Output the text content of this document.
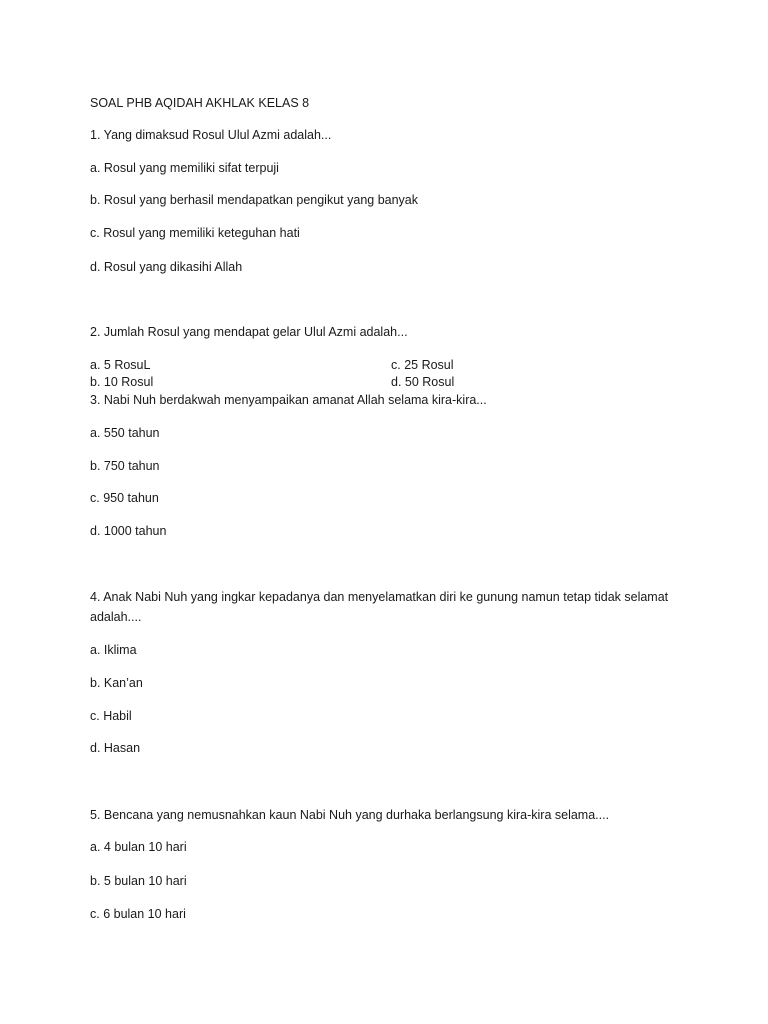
SOAL PHB AQIDAH AKHLAK KELAS 8
1. Yang dimaksud Rosul Ulul Azmi adalah...
a. Rosul yang memiliki sifat terpuji
b. Rosul yang berhasil mendapatkan pengikut yang banyak
c. Rosul yang memiliki keteguhan hati
d. Rosul yang dikasihi Allah
2. Jumlah Rosul yang mendapat gelar Ulul Azmi adalah...
a. 5 RosuL	c. 25 Rosul
b. 10 Rosul	d. 50 Rosul
3. Nabi Nuh berdakwah menyampaikan amanat Allah selama kira-kira...
a. 550 tahun
b. 750 tahun
c. 950 tahun
d. 1000 tahun
4. Anak Nabi Nuh yang ingkar kepadanya dan menyelamatkan diri ke gunung namun tetap tidak selamat
adalah....
a. Iklima
b. Kan’an
c. Habil
d. Hasan
5. Bencana yang nemusnahkan kaun Nabi Nuh yang durhaka berlangsung kira-kira selama....
a. 4 bulan 10 hari
b. 5 bulan 10 hari
c. 6 bulan 10 hari
